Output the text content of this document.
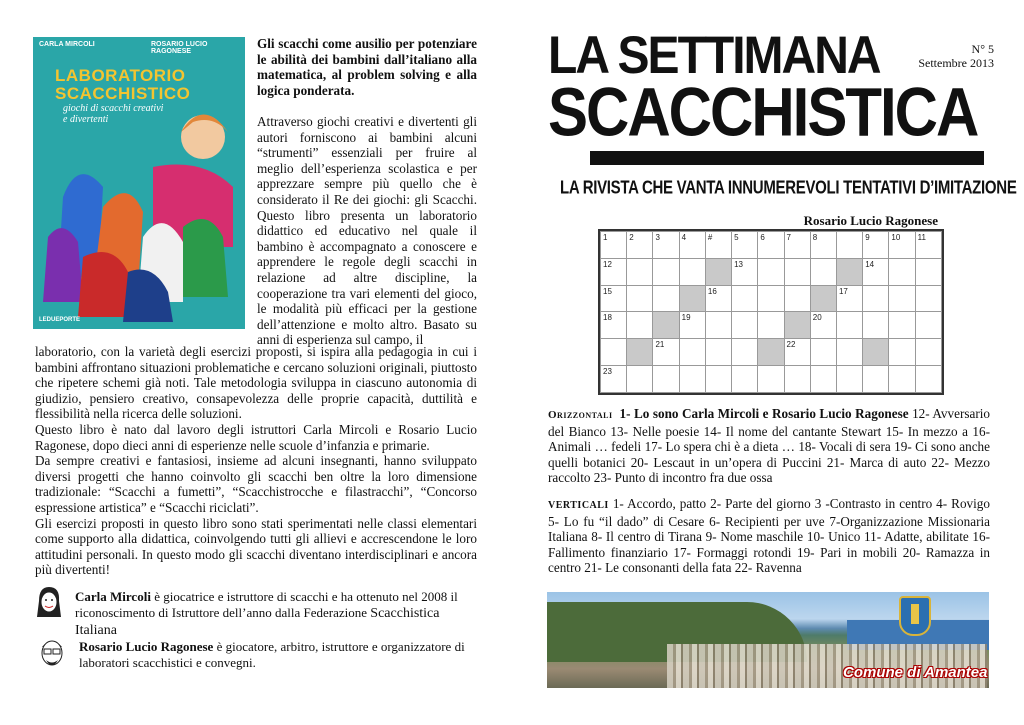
CARLA MIRCOLI	ROSARIO LUCIO RAGONESE
LABORATORIO
SCACCHISTICO
giochi di scacchi creativi
e divertenti
LEDUEPORTE
Gli scacchi come ausilio per potenziare le abilità dei bambini dall’italiano alla matematica, al problem solving e alla logica ponderata.
Attraverso giochi creativi e divertenti gli autori forniscono ai bambini alcuni “strumenti” essenziali per fruire al meglio dell’esperienza scolastica e per apprezzare sempre più quello che è considerato il Re dei giochi: gli Scacchi. Questo libro presenta un laboratorio didattico ed educativo nel quale il bambino è accompagnato a conoscere e apprendere le regole degli scacchi in relazione ad altre discipline, la cooperazione tra vari elementi del gioco, le modalità più efficaci per la gestione dell’attenzione e molto altro. Basato su anni di esperienza sul campo, il
laboratorio, con la varietà degli esercizi proposti, si ispira alla pedagogia in cui i bambini affrontano situazioni problematiche e cercano soluzioni originali, piuttosto che ripetere schemi già noti. Tale metodologia sviluppa in ciascuno autonomia di giudizio, pensiero creativo, consapevolezza delle proprie capacità, duttilità e flessibilità nella ricerca delle soluzioni.
Questo libro è nato dal lavoro degli istruttori Carla Mircoli e Rosario Lucio Ragonese, dopo dieci anni di esperienze nelle scuole d’infanzia e primarie.
Da sempre creativi e fantasiosi, insieme ad alcuni insegnanti, hanno sviluppato diversi progetti che hanno coinvolto gli scacchi ben oltre la loro dimensione tradizionale: “Scacchi a fumetti”, “Scacchistrocche e filastracchi”, “Concorso espressione artistica” e “Scacchi riciclati”.
Gli esercizi proposti in questo libro sono stati sperimentati nelle classi elementari come supporto alla didattica, coinvolgendo tutti gli allievi e accrescendone le loro attitudini personali. In questo modo gli scacchi diventano interdisciplinari e ancora più divertenti!
Carla Mircoli è giocatrice e istruttore di scacchi e ha ottenuto nel 2008 il riconoscimento di Istruttore dell’anno dalla Federazione Scacchistica Italiana
Rosario Lucio Ragonese è giocatore, arbitro, istruttore e organizzatore di laboratori scacchistici e convegni.
LA SETTIMANA
SCACCHISTICA
LA RIVISTA CHE VANTA INNUMEREVOLI TENTATIVI D’IMITAZIONE
N° 5
Settembre 2013
Rosario Lucio Ragonese
1	2	3	4	#	5	6	7	8		9	10	11
12					13					14		
15				16					17			
18			19					20				
		21					22					
23												
Orizzontali 1- Lo sono Carla Mircoli e Rosario Lucio Ragonese 12- Avversario del Bianco 13- Nelle poesie 14- Il nome del cantante Stewart 15- In mezzo a 16- Animali … fedeli 17- Lo spera chi è a dieta … 18- Vocali di sera 19- Ci sono anche quelli botanici 20- Lescaut in un’opera di Puccini 21- Marca di auto 22- Mezzo raccolto 23- Punto di incontro fra due ossa
VERTICALI 1- Accordo, patto 2- Parte del giorno 3 -Contrasto in centro 4- Rovigo 5- Lo fu “il dado” di Cesare 6- Recipienti per uve 7-Organizzazione Missionaria Italiana 8- Il centro di Tirana 9- Nome maschile 10- Unico 11- Adatte, abilitate 16- Fallimento finanziario 17- Formaggi rotondi 19- Pari in mobili 20- Ramazza in centro 21- Le consonanti della fata 22- Ravenna
Comune di Amantea
